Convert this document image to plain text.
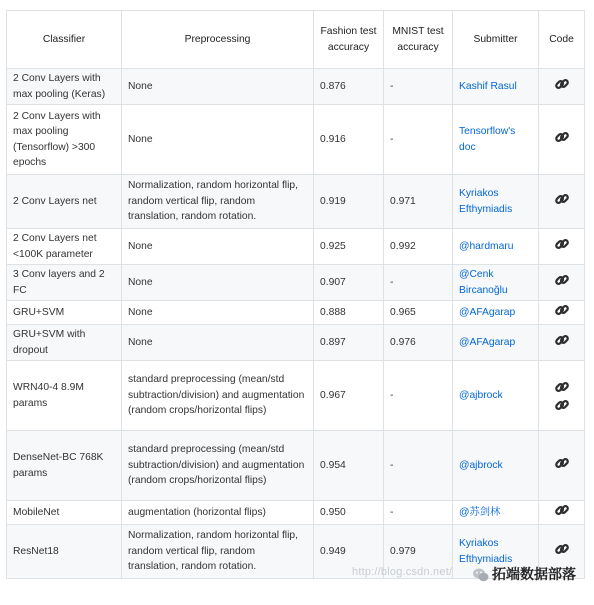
Classifier	Preprocessing	Fashion test accuracy	MNIST test accuracy	Submitter	Code
2 Conv Layers with max pooling (Keras)	None	0.876	-	Kashif Rasul	

2 Conv Layers with max pooling (Tensorflow) >300 epochs	None	0.916	-	Tensorflow's doc	

2 Conv Layers net	Normalization, random horizontal flip, random vertical flip, random translation, random rotation.	0.919	0.971	Kyriakos Efthymiadis	

2 Conv Layers net <100K parameter	None	0.925	0.992	@hardmaru	

3 Conv layers and 2 FC	None	0.907	-	@Cenk Bircanoğlu	

GRU+SVM	None	0.888	0.965	@AFAgarap	

GRU+SVM with dropout	None	0.897	0.976	@AFAgarap	

WRN40-4 8.9M params	standard preprocessing (mean/std subtraction/division) and augmentation (random crops/horizontal flips)	0.967	-	@ajbrock	

DenseNet-BC 768K params	standard preprocessing (mean/std subtraction/division) and augmentation (random crops/horizontal flips)	0.954	-	@ajbrock	

MobileNet	augmentation (horizontal flips)	0.950	-	@苏剑林	

ResNet18	Normalization, random horizontal flip, random vertical flip, random translation, random rotation.	0.949	0.979	Kyriakos Efthymiadis	
http://blog.csdn.net/	拓端数据部落
